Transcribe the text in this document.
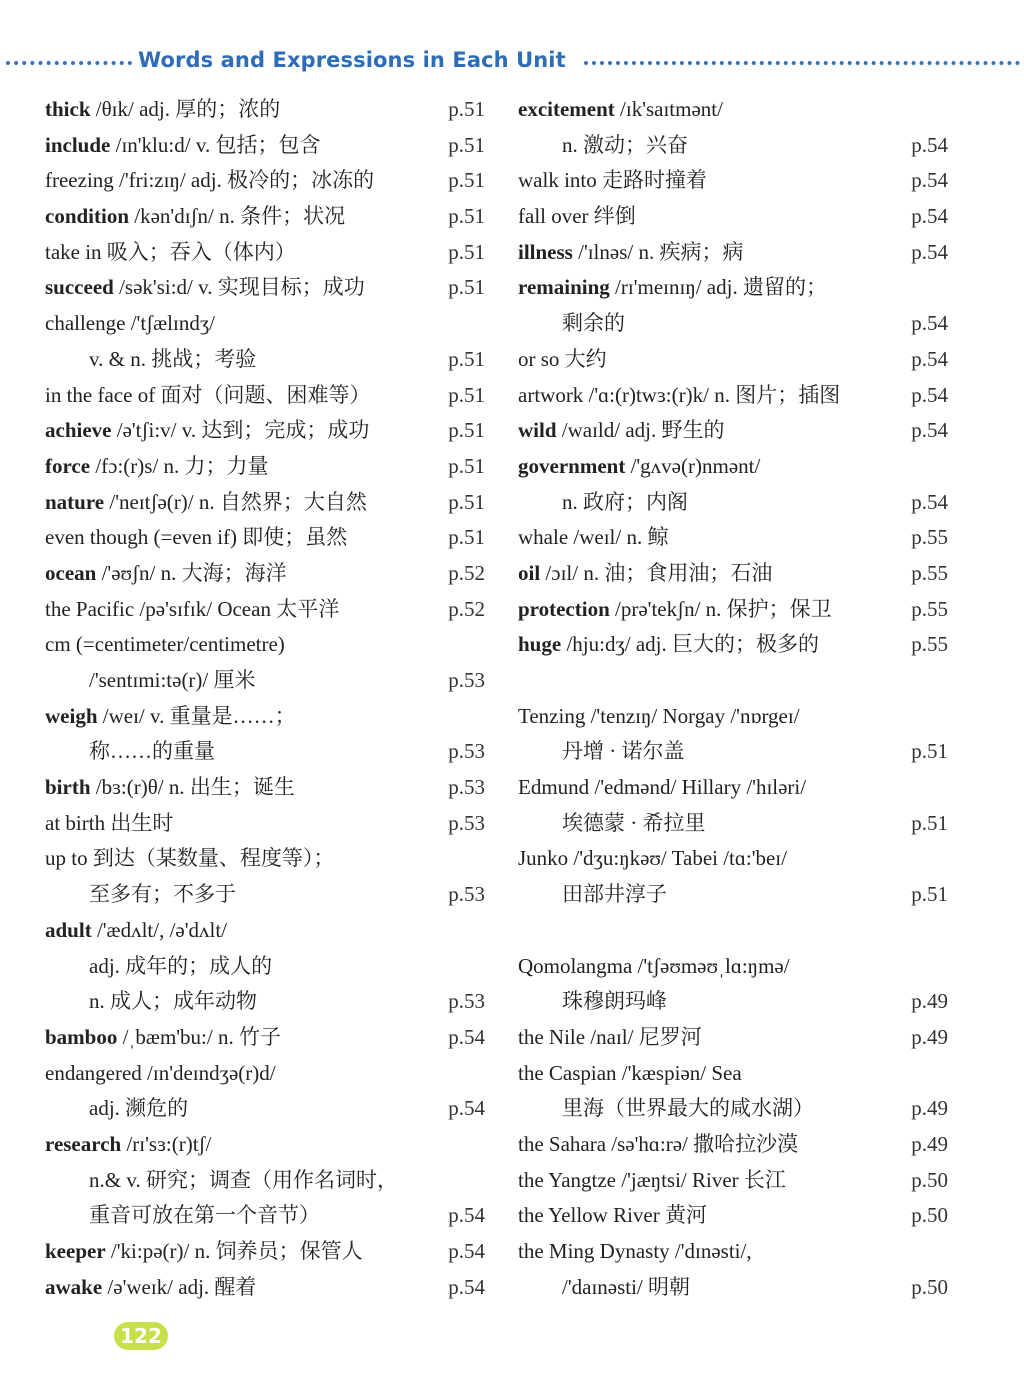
Words and Expressions in Each Unit
thick /θɪk/ adj. 厚的；浓的	p.51
include /ɪn'klu:d/ v. 包括；包含	p.51
freezing /'fri:zɪŋ/ adj. 极冷的；冰冻的	p.51
condition /kən'dɪʃn/ n. 条件；状况	p.51
take in 吸入；吞入（体内）	p.51
succeed /sək'si:d/ v. 实现目标；成功	p.51
challenge /'tʃælɪndʒ/
v. & n. 挑战；考验	p.51
in the face of 面对（问题、困难等）	p.51
achieve /ə'tʃi:v/ v. 达到；完成；成功	p.51
force /fɔ:(r)s/ n. 力；力量	p.51
nature /'neɪtʃə(r)/ n. 自然界；大自然	p.51
even though (=even if) 即使；虽然	p.51
ocean /'əʊʃn/ n. 大海；海洋	p.52
the Pacific /pə'sɪfɪk/ Ocean 太平洋	p.52
cm (=centimeter/centimetre)
/'sentɪmi:tə(r)/ 厘米	p.53
weigh /weɪ/ v. 重量是……；
称……的重量	p.53
birth /bɜ:(r)θ/ n. 出生；诞生	p.53
at birth 出生时	p.53
up to 到达（某数量、程度等）；
至多有；不多于	p.53
adult /'ædʌlt/, /ə'dʌlt/
adj. 成年的；成人的
n. 成人；成年动物	p.53
bamboo /ˌbæm'bu:/ n. 竹子	p.54
endangered /ɪn'deɪndʒə(r)d/
adj. 濒危的	p.54
research /rɪ'sɜ:(r)tʃ/
n.& v. 研究；调查（用作名词时，
重音可放在第一个音节）	p.54
keeper /'ki:pə(r)/ n. 饲养员；保管人	p.54
awake /ə'weɪk/ adj. 醒着	p.54
excitement /ɪk'saɪtmənt/
n. 激动；兴奋	p.54
walk into 走路时撞着	p.54
fall over 绊倒	p.54
illness /'ɪlnəs/ n. 疾病；病	p.54
remaining /rɪ'meɪnɪŋ/ adj. 遗留的；
剩余的	p.54
or so 大约	p.54
artwork /'ɑ:(r)twɜ:(r)k/ n. 图片；插图	p.54
wild /waɪld/ adj. 野生的	p.54
government /'gʌvə(r)nmənt/
n. 政府；内阁	p.54
whale /weɪl/ n. 鲸	p.55
oil /ɔɪl/ n. 油；食用油；石油	p.55
protection /prə'tekʃn/ n. 保护；保卫	p.55
huge /hju:dʒ/ adj. 巨大的；极多的	p.55
Tenzing /'tenzɪŋ/ Norgay /'nɒrgeɪ/
丹增 · 诺尔盖	p.51
Edmund /'edmənd/ Hillary /'hɪləri/
埃德蒙 · 希拉里	p.51
Junko /'dʒu:ŋkəʊ/ Tabei /tɑ:'beɪ/
田部井淳子	p.51
Qomolangma /'tʃəʊməʊˌlɑ:ŋmə/
珠穆朗玛峰	p.49
the Nile /naɪl/ 尼罗河	p.49
the Caspian /'kæspiən/ Sea
里海（世界最大的咸水湖）	p.49
the Sahara /sə'hɑ:rə/ 撒哈拉沙漠	p.49
the Yangtze /'jæŋtsi/ River 长江	p.50
the Yellow River 黄河	p.50
the Ming Dynasty /'dɪnəsti/,
/'daɪnəsti/ 明朝	p.50
122
